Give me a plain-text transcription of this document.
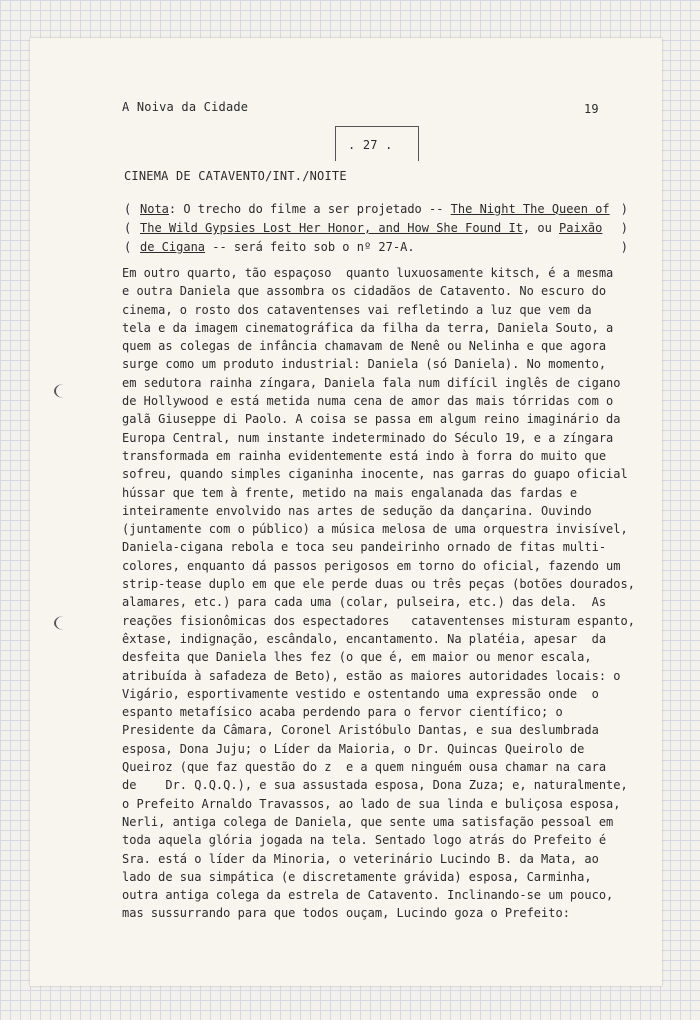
A Noiva da Cidade	19
. 27 .
CINEMA DE CATAVENTO/INT./NOITE
( Nota: O trecho do filme a ser projetado -- The Night The Queen of )
( The Wild Gypsies Lost Her Honor, and How She Found It, ou Paixão )
( de Cigana -- será feito sob o nº 27-A.	)
Em outro quarto, tão espaçoso  quanto luxuosamente kitsch, é a mesma
e outra Daniela que assombra os cidadãos de Catavento. No escuro do
cinema, o rosto dos cataventenses vai refletindo a luz que vem da
tela e da imagem cinematográfica da filha da terra, Daniela Souto, a
quem as colegas de infância chamavam de Nenê ou Nelinha e que agora
surge como um produto industrial: Daniela (só Daniela). No momento,
em sedutora rainha zíngara, Daniela fala num difícil inglês de cigano
de Hollywood e está metida numa cena de amor das mais tórridas com o
galã Giuseppe di Paolo. A coisa se passa em algum reino imaginário da
Europa Central, num instante indeterminado do Século 19, e a zíngara
transformada em rainha evidentemente está indo à forra do muito que
sofreu, quando simples ciganinha inocente, nas garras do guapo oficial
hússar que tem à frente, metido na mais engalanada das fardas e
inteiramente envolvido nas artes de sedução da dançarina. Ouvindo
(juntamente com o público) a música melosa de uma orquestra invisível,
Daniela-cigana rebola e toca seu pandeirinho ornado de fitas multi-
colores, enquanto dá passos perigosos em torno do oficial, fazendo um
strip-tease duplo em que ele perde duas ou três peças (botões dourados,
alamares, etc.) para cada uma (colar, pulseira, etc.) das dela.  As
reações fisionômicas dos espectadores   cataventenses misturam espanto,
êxtase, indignação, escândalo, encantamento. Na platéia, apesar  da
desfeita que Daniela lhes fez (o que é, em maior ou menor escala,
atribuída à safadeza de Beto), estão as maiores autoridades locais: o
Vigário, esportivamente vestido e ostentando uma expressão onde  o
espanto metafísico acaba perdendo para o fervor científico; o
Presidente da Câmara, Coronel Aristóbulo Dantas, e sua deslumbrada
esposa, Dona Juju; o Líder da Maioria, o Dr. Quincas Queirolo de
Queiroz (que faz questão do z  e a quem ninguém ousa chamar na cara
de    Dr. Q.Q.Q.), e sua assustada esposa, Dona Zuza; e, naturalmente,
o Prefeito Arnaldo Travassos, ao lado de sua linda e buliçosa esposa,
Nerli, antiga colega de Daniela, que sente uma satisfação pessoal em
toda aquela glória jogada na tela. Sentado logo atrás do Prefeito é
Sra. está o líder da Minoria, o veterinário Lucindo B. da Mata, ao
lado de sua simpática (e discretamente grávida) esposa, Carminha,
outra antiga colega da estrela de Catavento. Inclinando-se um pouco,
mas sussurrando para que todos ouçam, Lucindo goza o Prefeito:
